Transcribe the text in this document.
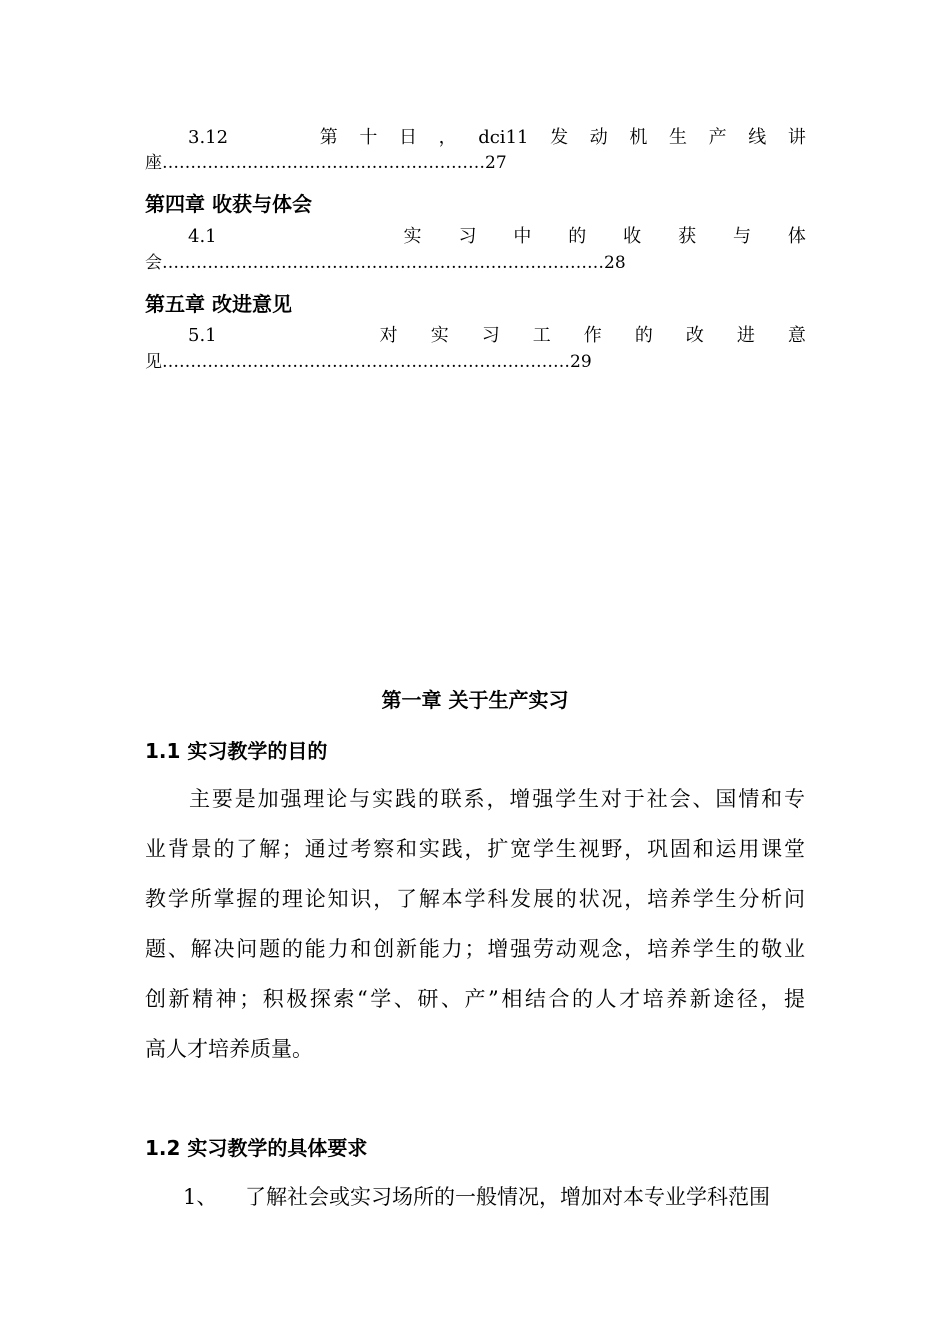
3.12	第 十 日 ， dci11 发 动 机 生 产 线 讲
座…………………………………………………27
第四章 收获与体会
4.1	实 习 中 的 收 获 与 体
会……………………………………………………………………28
第五章 改进意见
5.1	对 实 习 工 作 的 改 进 意
见………………………………………………………………29
第一章 关于生产实习
1.1 实习教学的目的
主要是加强理论与实践的联系，增强学生对于社会、国情和专
业背景的了解；通过考察和实践，扩宽学生视野，巩固和运用课堂
教学所掌握的理论知识，了解本学科发展的状况，培养学生分析问
题、解决问题的能力和创新能力；增强劳动观念，培养学生的敬业
创新精神；积极探索“学、研、产”相结合的人才培养新途径，提
高人才培养质量。
1.2 实习教学的具体要求
1、	了解社会或实习场所的一般情况，增加对本专业学科范围
